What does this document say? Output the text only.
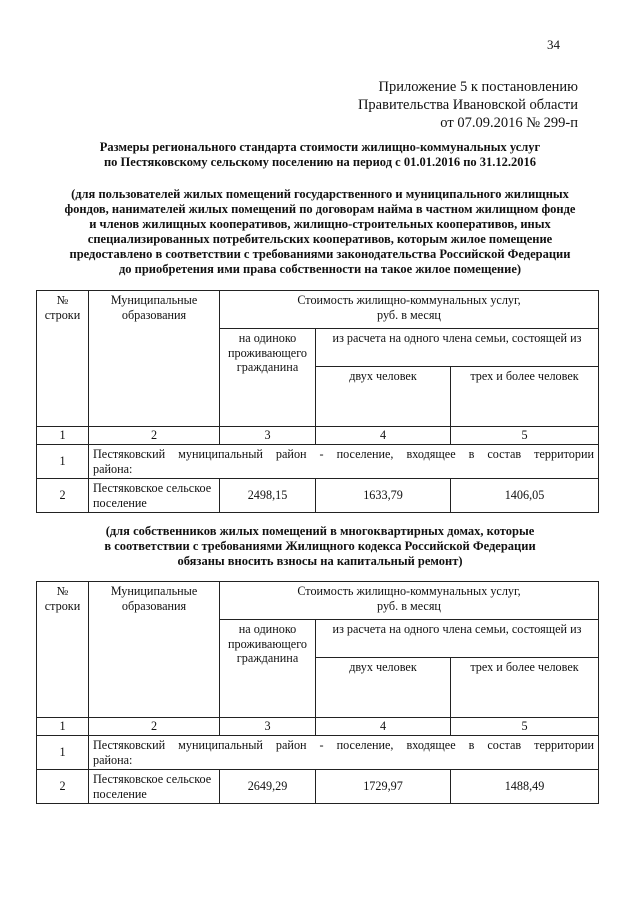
34
Приложение 5 к постановлению
Правительства Ивановской области
от 07.09.2016 № 299-п
Размеры регионального стандарта стоимости жилищно-коммунальных услуг
по Пестяковскому сельскому поселению на период с 01.01.2016 по 31.12.2016
(для пользователей жилых помещений государственного и муниципального жилищных
фондов, нанимателей жилых помещений по договорам найма в частном жилищном фонде
и членов жилищных кооперативов, жилищно-строительных кооперативов, иных
специализированных потребительских кооперативов, которым жилое помещение
предоставлено в соответствии с требованиями законодательства Российской Федерации
до приобретения ими права собственности на такое жилое помещение)
№ строки	Муниципальные образования	Стоимость жилищно-коммунальных услуг,
руб. в месяц		

		на одиноко проживающего гражданина	из расчета на одного члена семьи, состоящей из	
			двух человек	трех и более человек
1	2	3	4	5
1	Пестяковский муниципальный район - поселение, входящее в состав территории
района:			

2	Пестяковское сельское поселение	2498,15	1633,79	1406,05
(для собственников жилых помещений в многоквартирных домах, которые
в соответствии с требованиями Жилищного кодекса Российской Федерации
обязаны вносить взносы на капитальный ремонт)
№ строки	Муниципальные образования	Стоимость жилищно-коммунальных услуг,
руб. в месяц		

		на одиноко проживающего гражданина	из расчета на одного члена семьи, состоящей из	
			двух человек	трех и более человек
1	2	3	4	5
1	Пестяковский муниципальный район - поселение, входящее в состав территории
района:			

2	Пестяковское сельское поселение	2649,29	1729,97	1488,49
